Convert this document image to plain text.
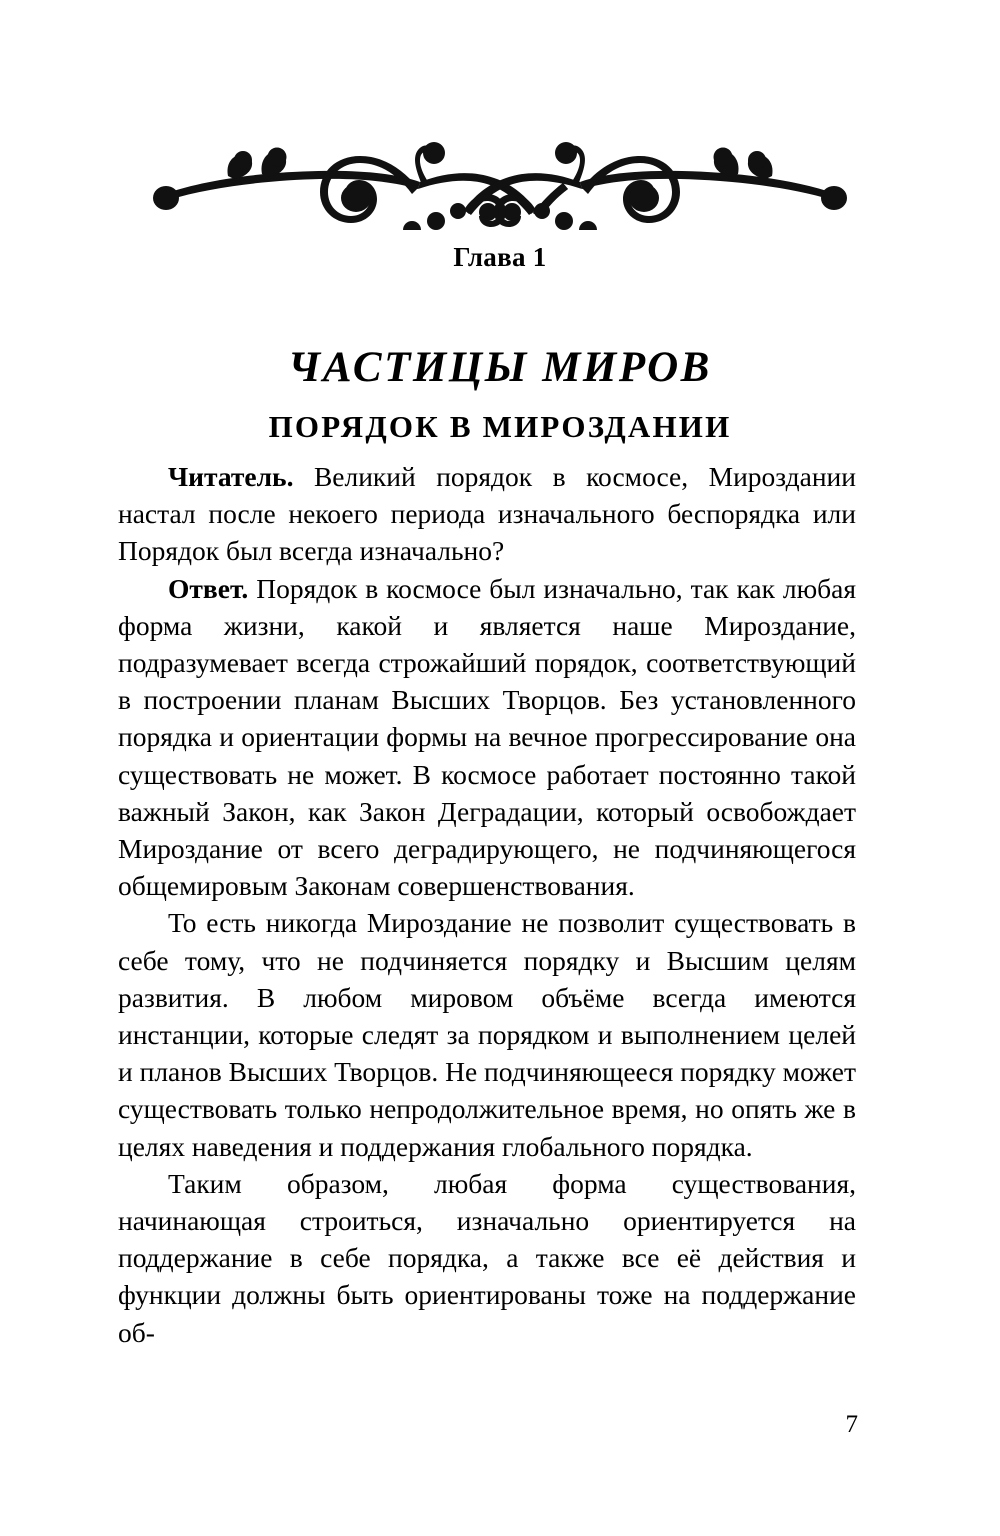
Глава 1
ЧАСТИЦЫ МИРОВ
ПОРЯДОК В МИРОЗДАНИИ

Читатель. Великий порядок в космосе, Мироздании настал после некоего периода изначального беспорядка или Порядок был всегда изначально?

Ответ. Порядок в космосе был изначально, так как любая форма жизни, какой и является наше Мироздание, подразумевает всегда строжайший порядок, соответствующий в построении планам Высших Творцов. Без установленного порядка и ориентации формы на вечное прогрессирование она существовать не может. В космосе работает постоянно такой важный Закон, как Закон Деградации, который освобождает Мироздание от всего деградирующего, не подчиняющегося общемировым Законам совершенствования.

То есть никогда Мироздание не позволит существовать в себе тому, что не подчиняется порядку и Высшим целям развития. В любом мировом объёме всегда имеются инстанции, которые следят за порядком и выполнением целей и планов Высших Творцов. Не подчиняющееся порядку может существовать только непродолжительное время, но опять же в целях наведения и поддержания глобального порядка.

Таким образом, любая форма существования, начинающая строиться, изначально ориентируется на поддержание в себе порядка, а также все её действия и функции должны быть ориентированы тоже на поддержание об-

7
